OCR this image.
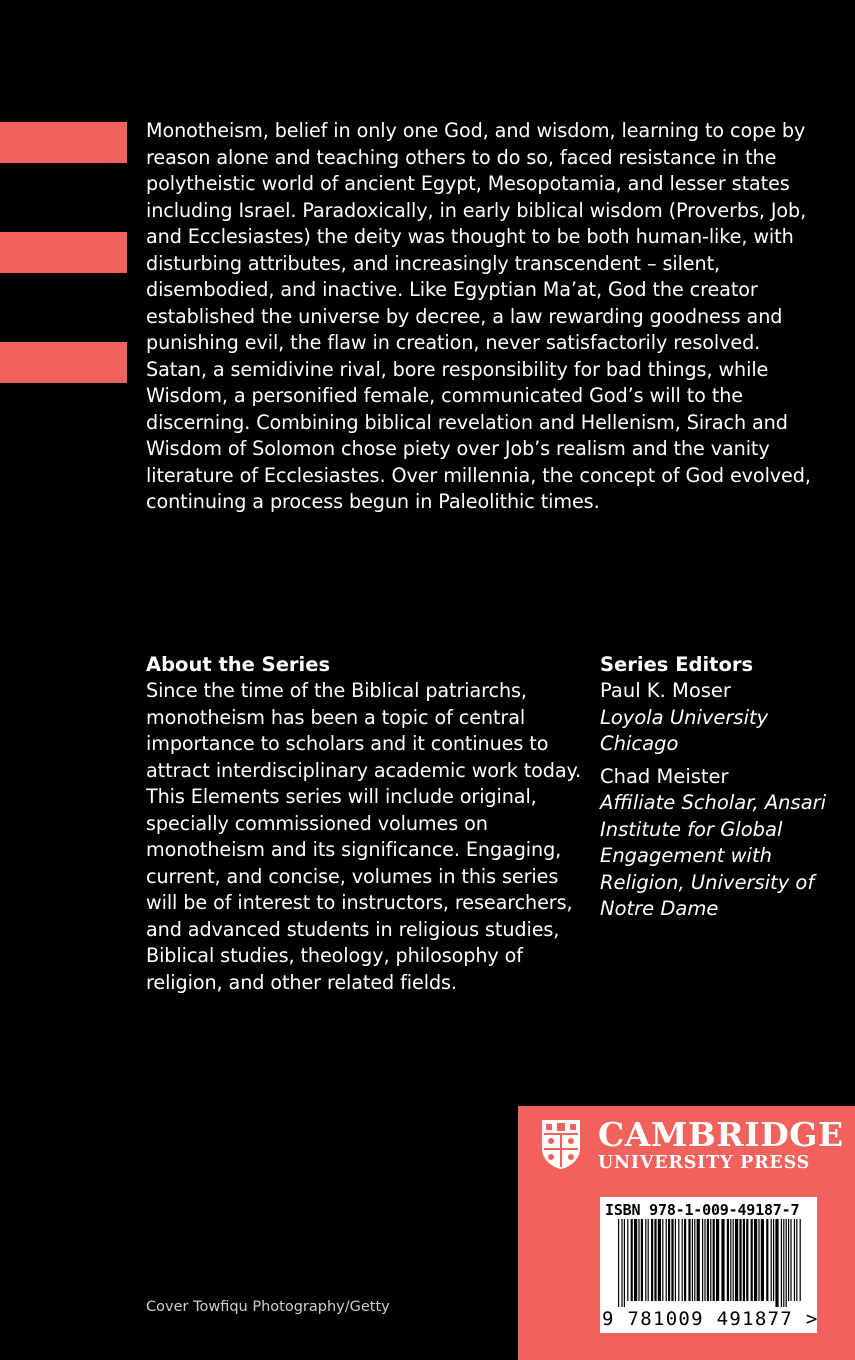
Monotheism, belief in only one God, and wisdom, learning to cope by reason alone and teaching others to do so, faced resistance in the polytheistic world of ancient Egypt, Mesopotamia, and lesser states including Israel. Paradoxically, in early biblical wisdom (Proverbs, Job, and Ecclesiastes) the deity was thought to be both human-like, with disturbing attributes, and increasingly transcendent – silent, disembodied, and inactive. Like Egyptian Ma’at, God the creator established the universe by decree, a law rewarding goodness and punishing evil, the flaw in creation, never satisfactorily resolved. Satan, a semidivine rival, bore responsibility for bad things, while Wisdom, a personified female, communicated God’s will to the discerning. Combining biblical revelation and Hellenism, Sirach and Wisdom of Solomon chose piety over Job’s realism and the vanity literature of Ecclesiastes. Over millennia, the concept of God evolved, continuing a process begun in Paleolithic times.

About the Series

Since the time of the Biblical patriarchs, monotheism has been a topic of central importance to scholars and it continues to attract interdisciplinary academic work today. This Elements series will include original, specially commissioned volumes on monotheism and its significance. Engaging, current, and concise, volumes in this series will be of interest to instructors, researchers, and advanced students in religious studies, Biblical studies, theology, philosophy of religion, and other related fields.

Series Editors
Paul K. Moser
Loyola University Chicago
Chad Meister
Affiliate Scholar, Ansari Institute for Global Engagement with Religion, University of Notre Dame
Cover Towfiqu Photography/Getty
CAMBRIDGE
UNIVERSITY PRESS
ISBN 978-1-009-49187-7
9 781009 491877 >
